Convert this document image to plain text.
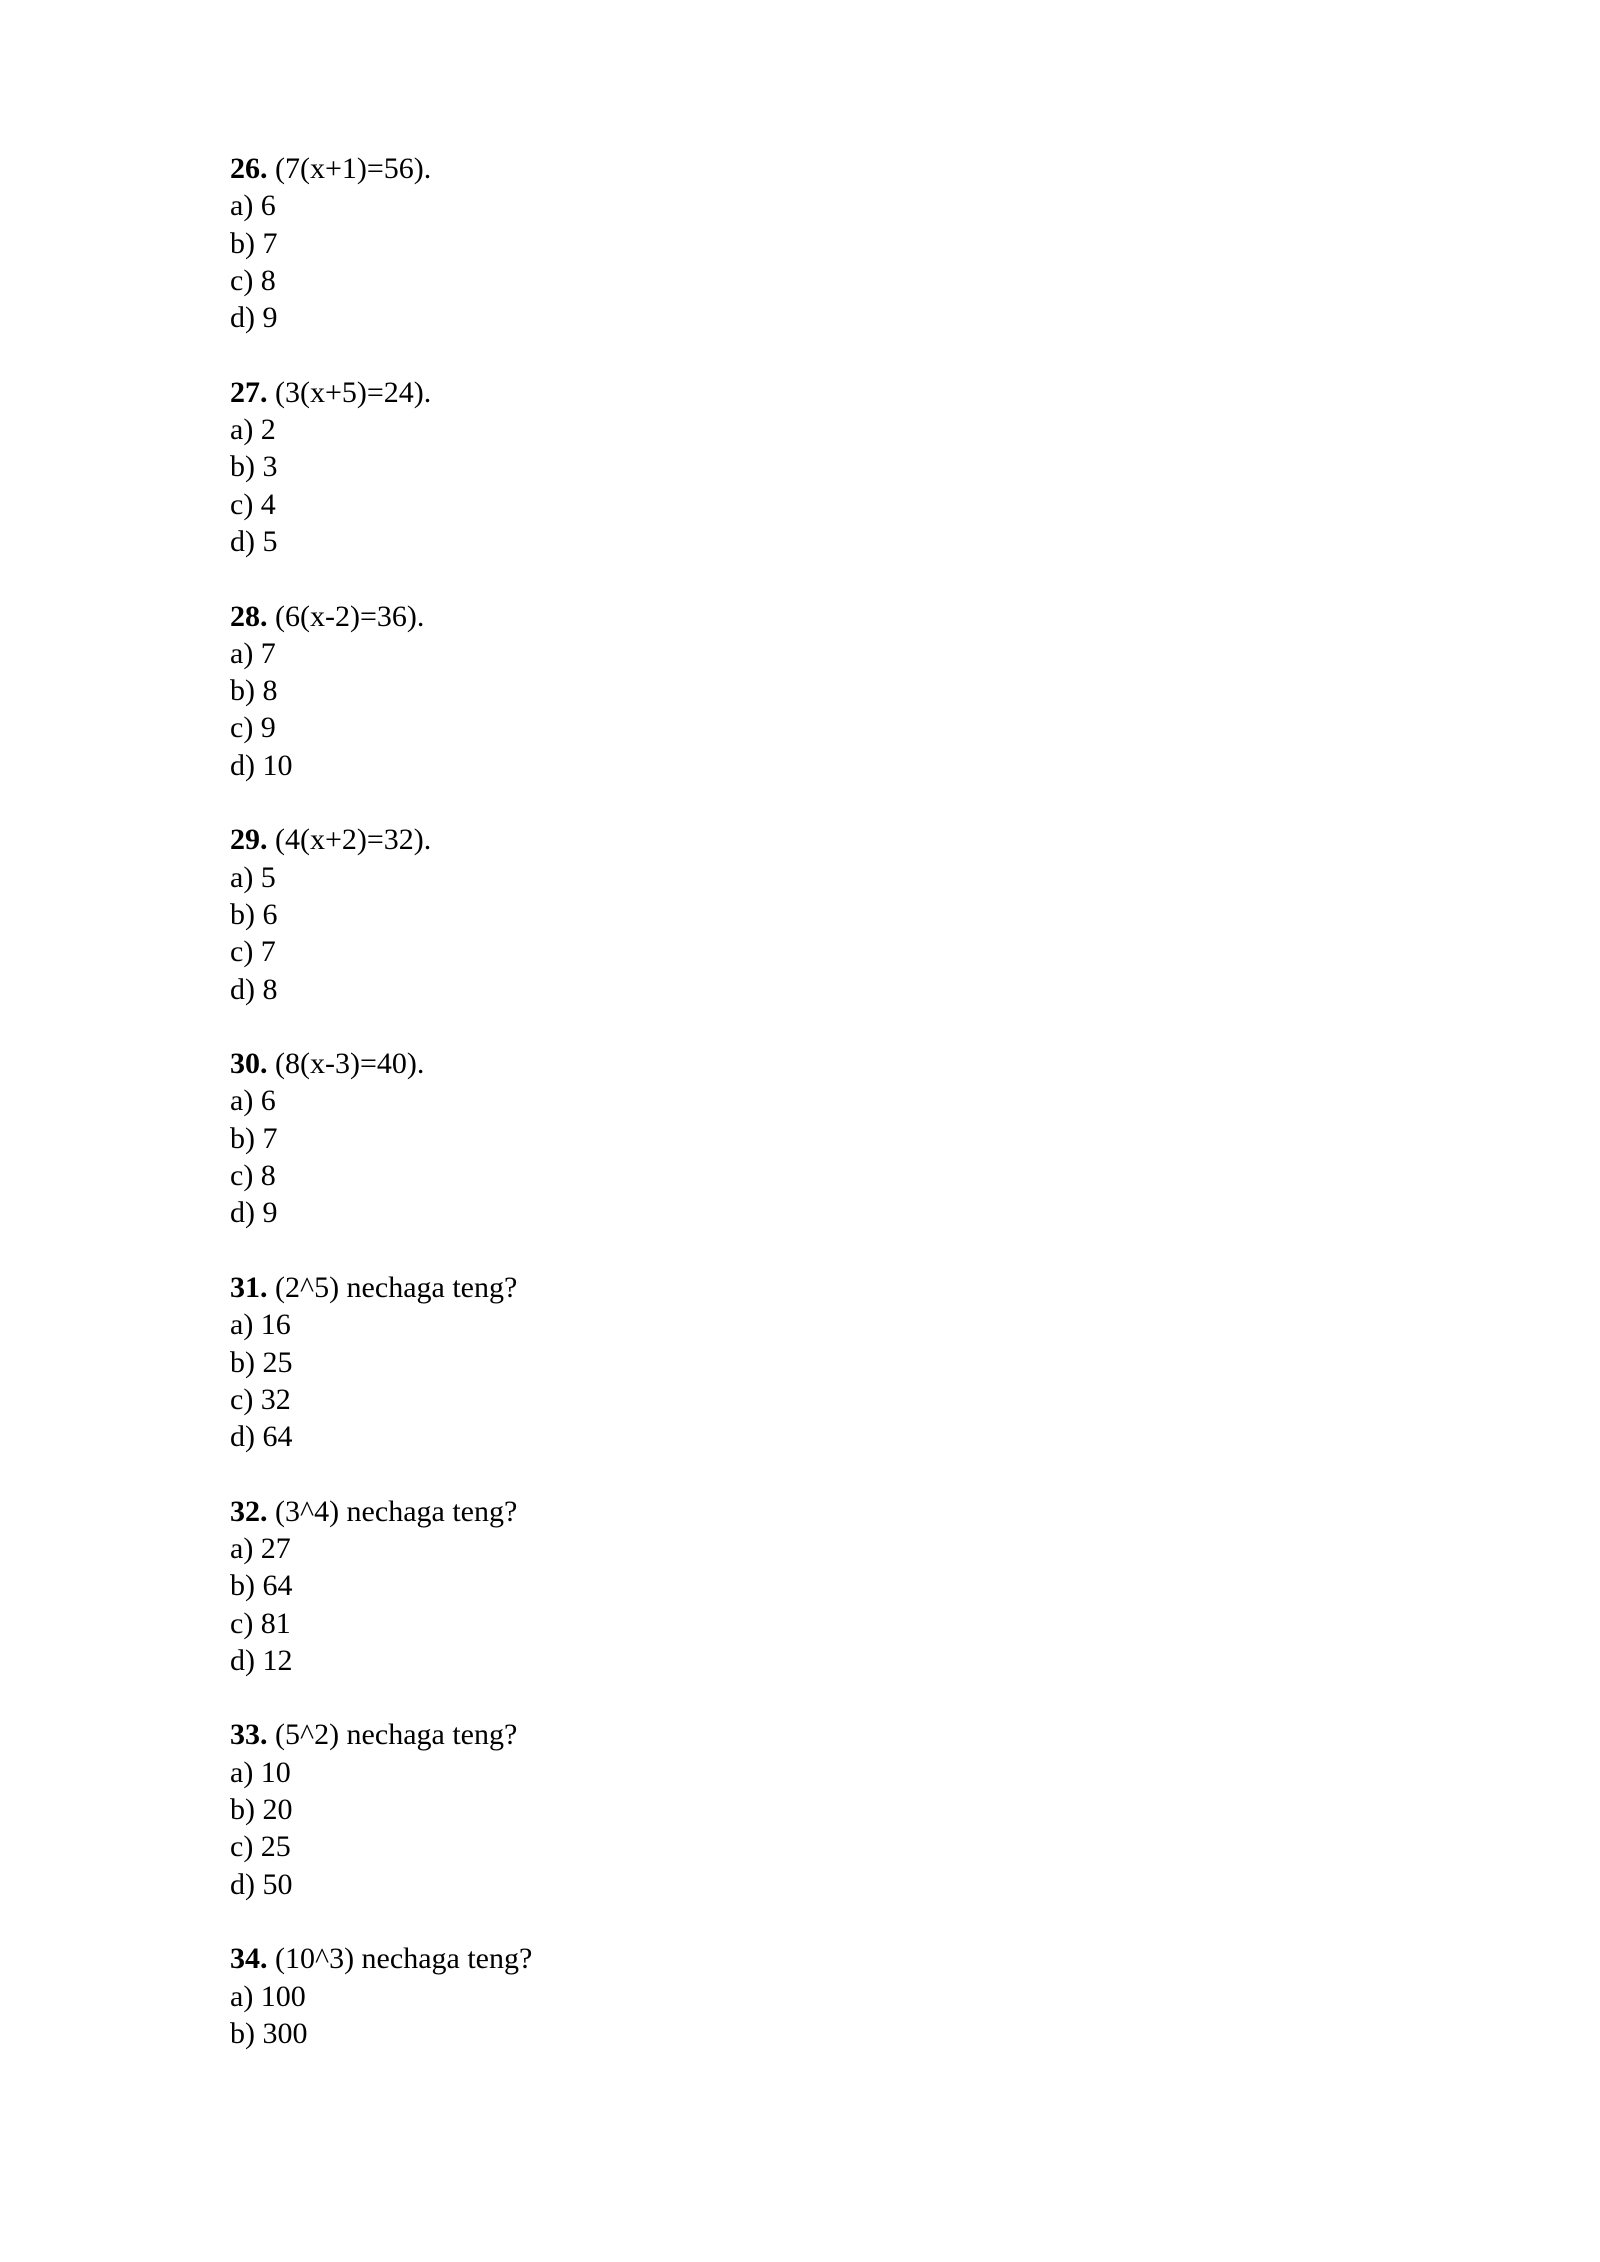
26. (7(x+1)=56).
a) 6
b) 7
c) 8
d) 9
27. (3(x+5)=24).
a) 2
b) 3
c) 4
d) 5
28. (6(x-2)=36).
a) 7
b) 8
c) 9
d) 10
29. (4(x+2)=32).
a) 5
b) 6
c) 7
d) 8
30. (8(x-3)=40).
a) 6
b) 7
c) 8
d) 9
31. (2^5) nechaga teng?
a) 16
b) 25
c) 32
d) 64
32. (3^4) nechaga teng?
a) 27
b) 64
c) 81
d) 12
33. (5^2) nechaga teng?
a) 10
b) 20
c) 25
d) 50
34. (10^3) nechaga teng?
a) 100
b) 300
